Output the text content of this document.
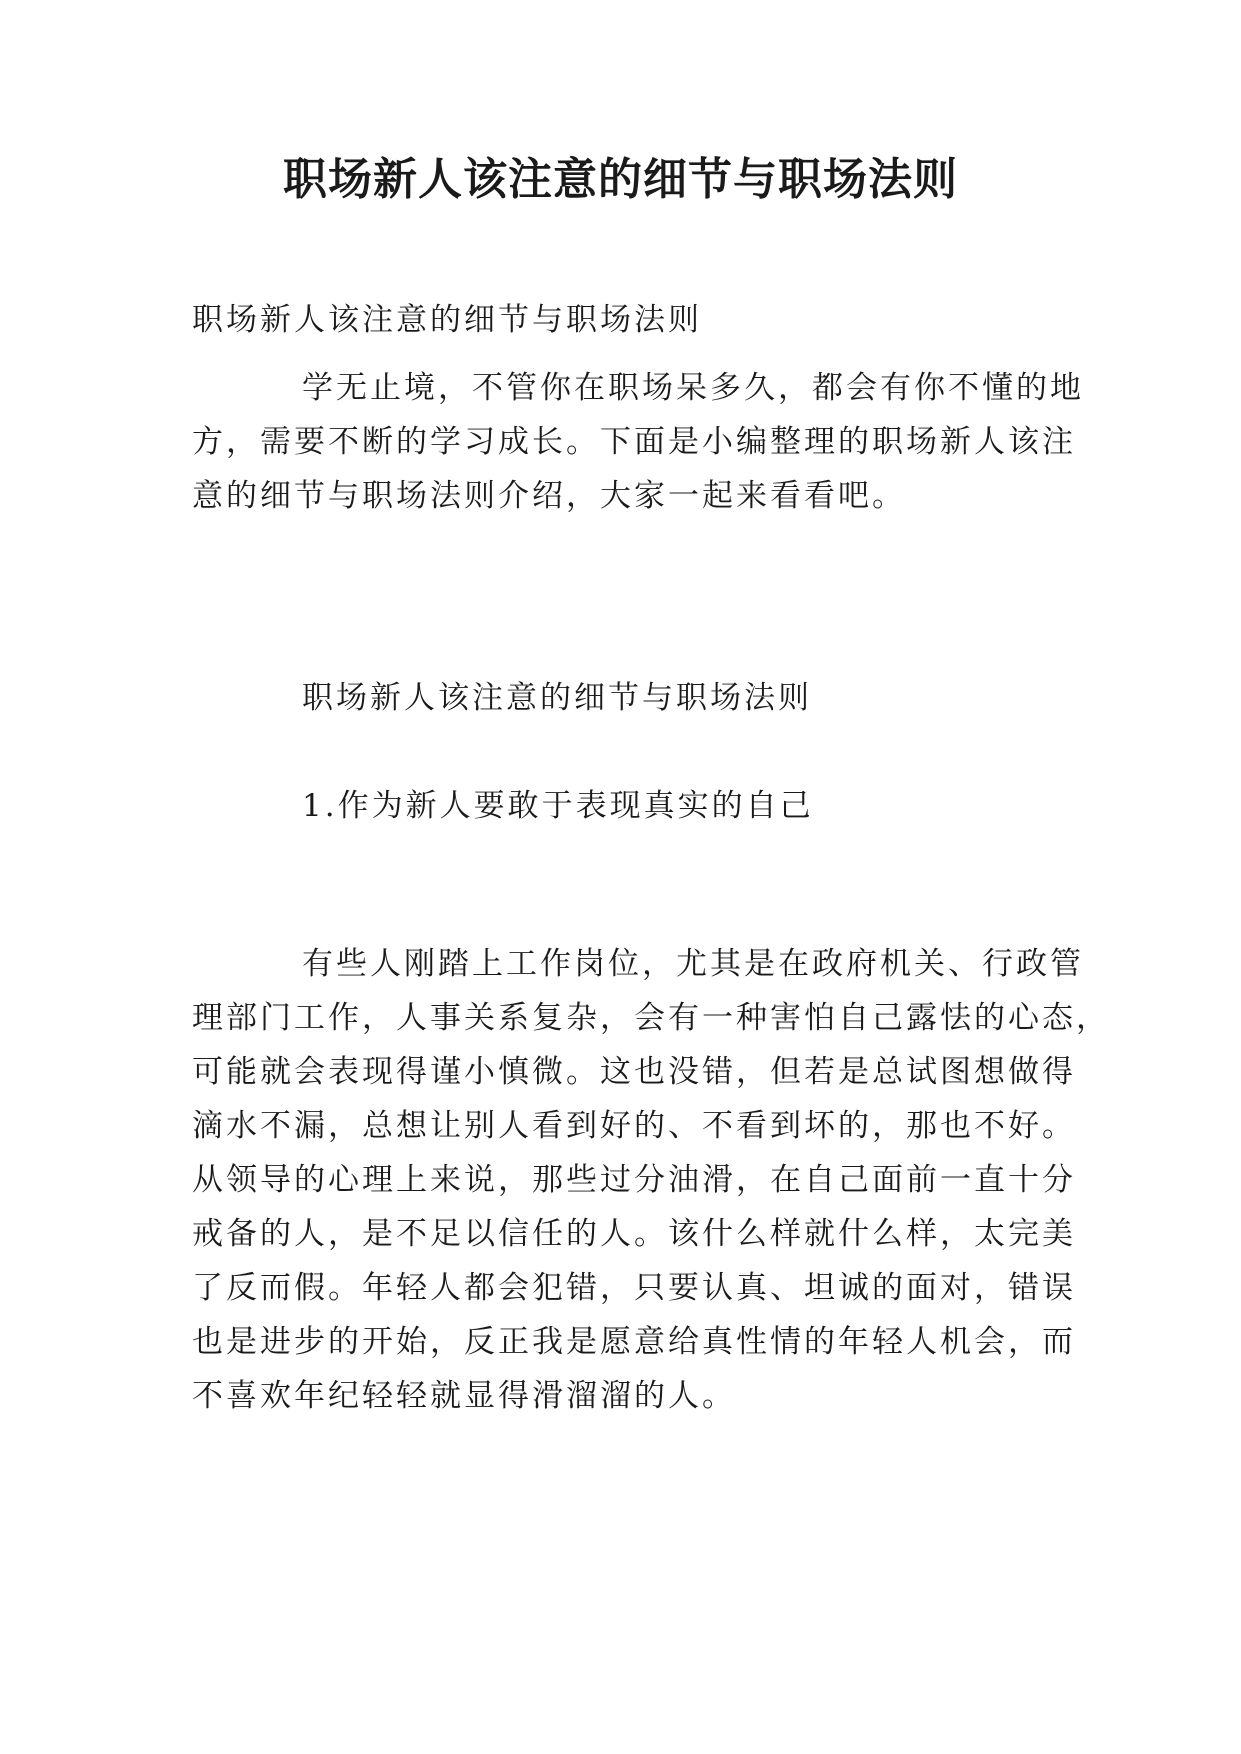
职场新人该注意的细节与职场法则

职场新人该注意的细节与职场法则

学无止境，不管你在职场呆多久，都会有你不懂的地

方，需要不断的学习成长。下面是小编整理的职场新人该注

意的细节与职场法则介绍，大家一起来看看吧。

职场新人该注意的细节与职场法则

1.作为新人要敢于表现真实的自己

有些人刚踏上工作岗位，尤其是在政府机关、行政管

理部门工作，人事关系复杂，会有一种害怕自己露怯的心态，

可能就会表现得谨小慎微。这也没错，但若是总试图想做得

滴水不漏，总想让别人看到好的、不看到坏的，那也不好。

从领导的心理上来说，那些过分油滑，在自己面前一直十分

戒备的人，是不足以信任的人。该什么样就什么样，太完美

了反而假。年轻人都会犯错，只要认真、坦诚的面对，错误

也是进步的开始，反正我是愿意给真性情的年轻人机会，而

不喜欢年纪轻轻就显得滑溜溜的人。
